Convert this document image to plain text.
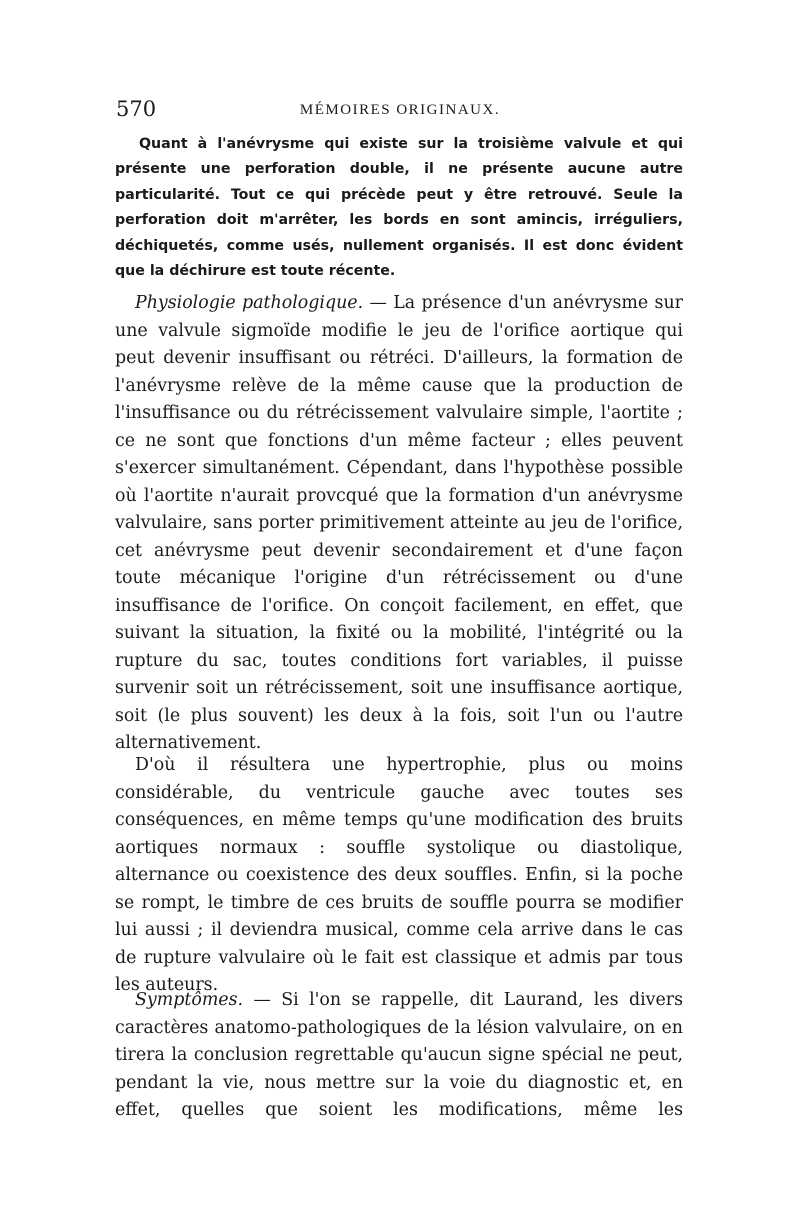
570	MÉMOIRES ORIGINAUX.

Quant à l'anévrysme qui existe sur la troisième valvule et qui présente une perforation double, il ne présente aucune autre particularité. Tout ce qui précède peut y être retrouvé. Seule la perforation doit m'arrêter, les bords en sont amincis, irréguliers, déchiquetés, comme usés, nullement organisés. Il est donc évident que la déchirure est toute récente.

Physiologie pathologique. — La présence d'un anévrysme sur une valvule sigmoïde modifie le jeu de l'orifice aortique qui peut devenir insuffisant ou rétréci. D'ailleurs, la formation de l'anévrysme relève de la même cause que la production de l'insuffisance ou du rétrécissement valvulaire simple, l'aortite ; ce ne sont que fonctions d'un même facteur ; elles peuvent s'exercer simultanément. Cépendant, dans l'hypothèse possible où l'aortite n'aurait provcqué que la formation d'un anévrysme valvulaire, sans porter primitivement atteinte au jeu de l'orifice, cet anévrysme peut devenir secondairement et d'une façon toute mécanique l'origine d'un rétrécissement ou d'une insuffisance de l'orifice. On conçoit facilement, en effet, que suivant la situation, la fixité ou la mobilité, l'intégrité ou la rupture du sac, toutes conditions fort variables, il puisse survenir soit un rétrécissement, soit une insuffisance aortique, soit (le plus souvent) les deux à la fois, soit l'un ou l'autre alternativement.

D'où il résultera une hypertrophie, plus ou moins considérable, du ventricule gauche avec toutes ses conséquences, en même temps qu'une modification des bruits aortiques normaux : souffle systolique ou diastolique, alternance ou coexistence des deux souffles. Enfin, si la poche se rompt, le timbre de ces bruits de souffle pourra se modifier lui aussi ; il deviendra musical, comme cela arrive dans le cas de rupture valvulaire où le fait est classique et admis par tous les auteurs.

Symptômes. — Si l'on se rappelle, dit Laurand, les divers caractères anatomo-pathologiques de la lésion valvulaire, on en tirera la conclusion regrettable qu'aucun signe spécial ne peut, pendant la vie, nous mettre sur la voie du diagnostic et, en effet, quelles que soient les modifications, même les
